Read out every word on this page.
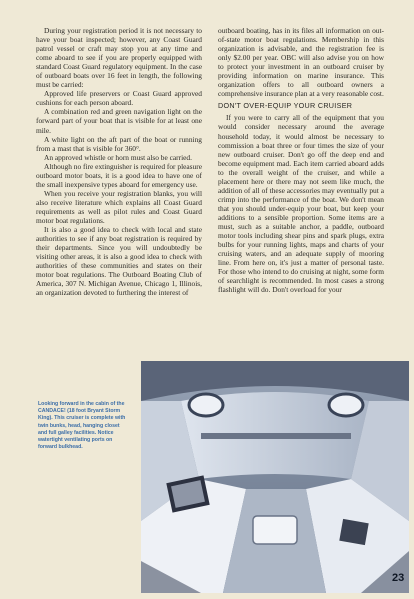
During your registration period it is not necessary to have your boat inspected; however, any Coast Guard patrol vessel or craft may stop you at any time and come aboard to see if you are properly equipped with standard Coast Guard regulatory equipment. In the case of outboard boats over 16 feet in length, the following must be carried:

Approved life preservers or Coast Guard approved cushions for each person aboard.

A combination red and green navigation light on the forward part of your boat that is visible for at least one mile.

A white light on the aft part of the boat or running from a mast that is visible for 360°.

An approved whistle or horn must also be carried.

Although no fire extinguisher is required for pleasure outboard motor boats, it is a good idea to have one of the small inexpensive types aboard for emergency use.

When you receive your registration blanks, you will also receive literature which explains all Coast Guard requirements as well as pilot rules and Coast Guard motor boat regulations.

It is also a good idea to check with local and state authorities to see if any boat registration is required by their departments. Since you will undoubtedly be visiting other areas, it is also a good idea to check with authorities of these communities and states on their motor boat regulations. The Outboard Boating Club of America, 307 N. Michigan Avenue, Chicago 1, Illinois, an organization devoted to furthering the interest of

outboard boating, has in its files all information on out-of-state motor boat regulations. Membership in this organization is advisable, and the registration fee is only $2.00 per year. OBC will also advise you on how to protect your investment in an outboard cruiser by providing information on marine insurance. This organization offers to all outboard owners a comprehensive insurance plan at a very reasonable cost.

DON'T OVER-EQUIP YOUR CRUISER

If you were to carry all of the equipment that you would consider necessary around the average household today, it would almost be necessary to commission a boat three or four times the size of your new outboard cruiser. Don't go off the deep end and become equipment mad. Each item carried aboard adds to the overall weight of the cruiser, and while a placement here or there may not seem like much, the addition of all of these accessories may eventually put a crimp into the performance of the boat. We don't mean that you should under-equip your boat, but keep your additions to a sensible proportion. Some items are a must, such as a suitable anchor, a paddle, outboard motor tools including shear pins and spark plugs, extra bulbs for your running lights, maps and charts of your cruising waters, and an adequate supply of mooring line. From here on, it's just a matter of personal taste. For those who intend to do cruising at night, some form of searchlight is recommended. In most cases a strong flashlight will do. Don't overload for your

Looking forward in the cabin of the CANDACE! (18 foot Bryant Storm King). This cruiser is complete with twin bunks, head, hanging closet and full galley facilities. Notice watertight ventilating ports on forward bulkhead.
23
